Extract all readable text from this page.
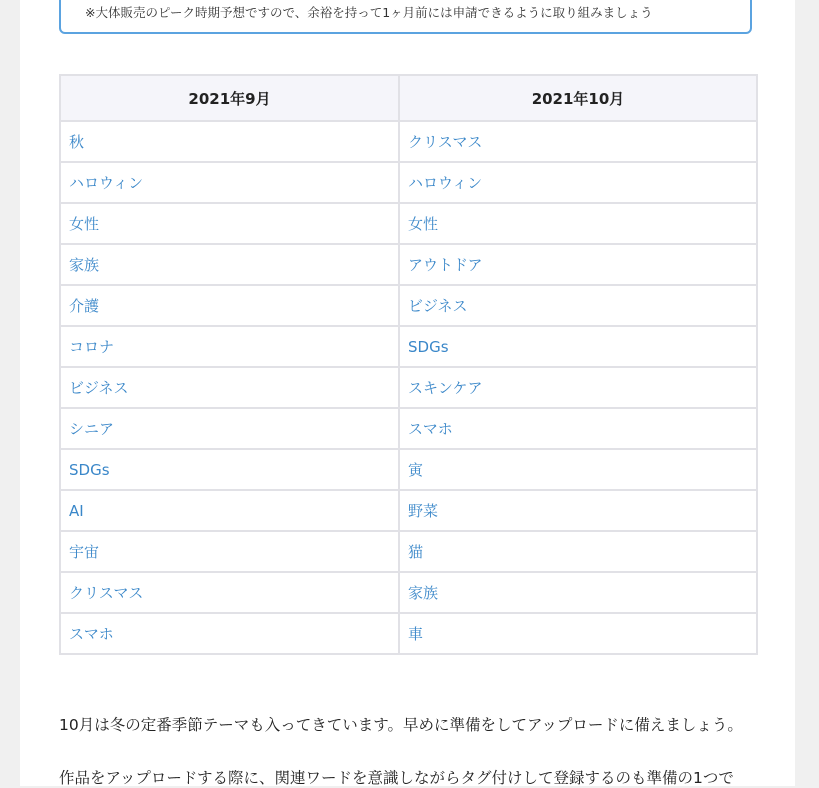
※大体販売のピーク時期予想ですので、余裕を持って1ヶ月前には申請できるように取り組みましょう
2021年9月	2021年10月
秋	クリスマス
ハロウィン	ハロウィン
女性	女性
家族	アウトドア
介護	ビジネス
コロナ	SDGs
ビジネス	スキンケア
シニア	スマホ
SDGs	寅
AI	野菜
宇宙	猫
クリスマス	家族
スマホ	車

10月は冬の定番季節テーマも入ってきています。早めに準備をしてアップロードに備えましょう。

作品をアップロードする際に、関連ワードを意識しながらタグ付けして登録するのも準備の1つで
